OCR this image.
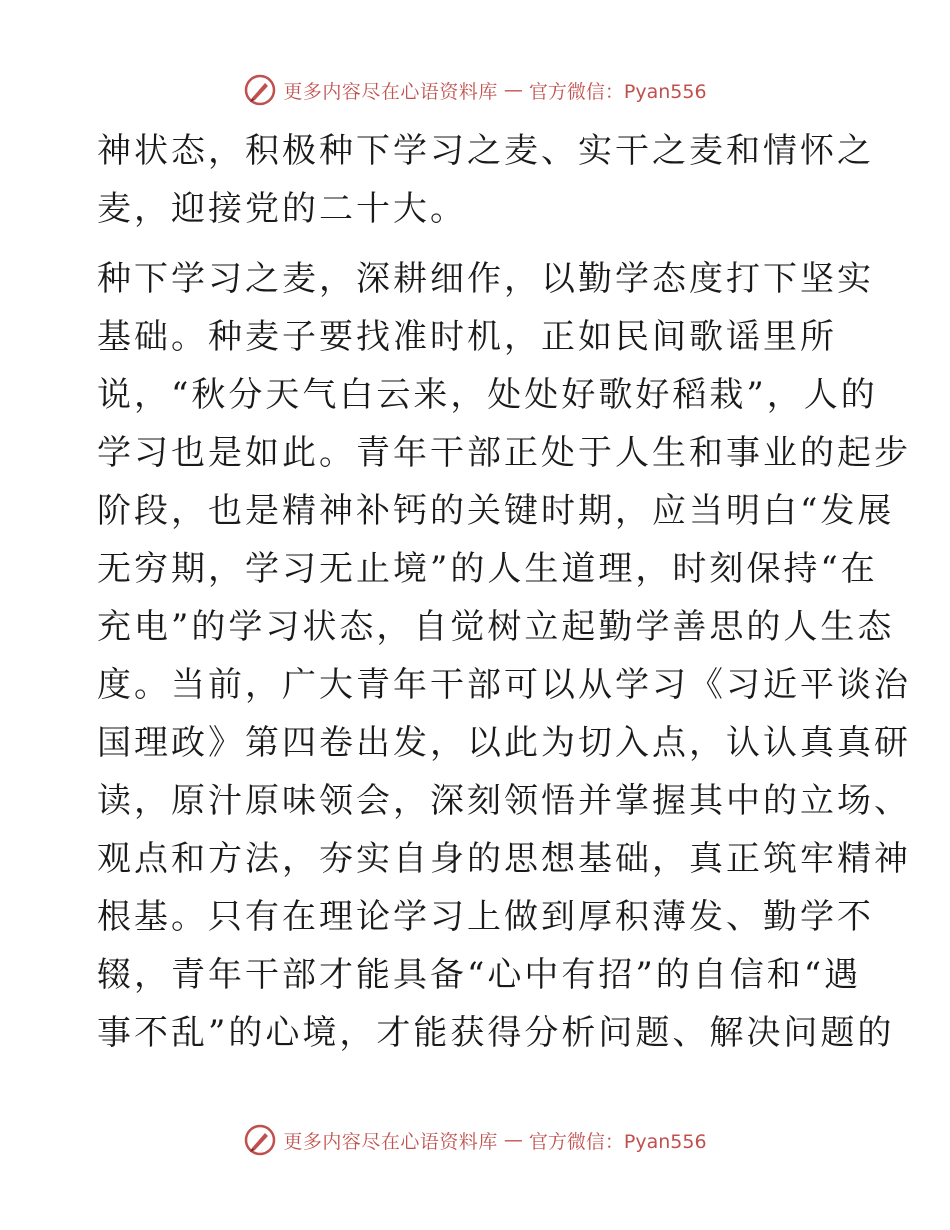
更多内容尽在心语资料库 — 官方微信：Pyan556
神状态，积极种下学习之麦、实干之麦和情怀之
麦，迎接党的二十大。
种下学习之麦，深耕细作，以勤学态度打下坚实
基础。种麦子要找准时机，正如民间歌谣里所
说，“秋分天气白云来，处处好歌好稻栽”，人的
学习也是如此。青年干部正处于人生和事业的起步
阶段，也是精神补钙的关键时期，应当明白“发展
无穷期，学习无止境”的人生道理，时刻保持“在
充电”的学习状态，自觉树立起勤学善思的人生态
度。当前，广大青年干部可以从学习《习近平谈治
国理政》第四卷出发，以此为切入点，认认真真研
读，原汁原味领会，深刻领悟并掌握其中的立场、
观点和方法，夯实自身的思想基础，真正筑牢精神
根基。只有在理论学习上做到厚积薄发、勤学不
辍，青年干部才能具备“心中有招”的自信和“遇
事不乱”的心境，才能获得分析问题、解决问题的
更多内容尽在心语资料库 — 官方微信：Pyan556
